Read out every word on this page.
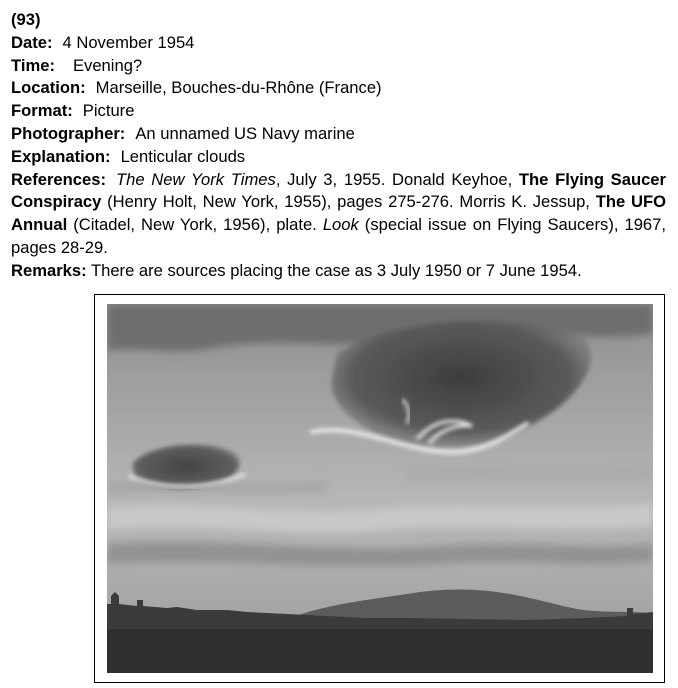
(93)

Date: 4 November 1954

Time: Evening?

Location: Marseille, Bouches-du-Rhône (France)

Format: Picture

Photographer: An unnamed US Navy marine

Explanation: Lenticular clouds

References: The New York Times, July 3, 1955. Donald Keyhoe, The Flying Saucer Conspiracy (Henry Holt, New York, 1955), pages 275-276. Morris K. Jessup, The UFO Annual (Citadel, New York, 1956), plate. Look (special issue on Flying Saucers), 1967, pages 28-29.

Remarks: There are sources placing the case as 3 July 1950 or 7 June 1954.
